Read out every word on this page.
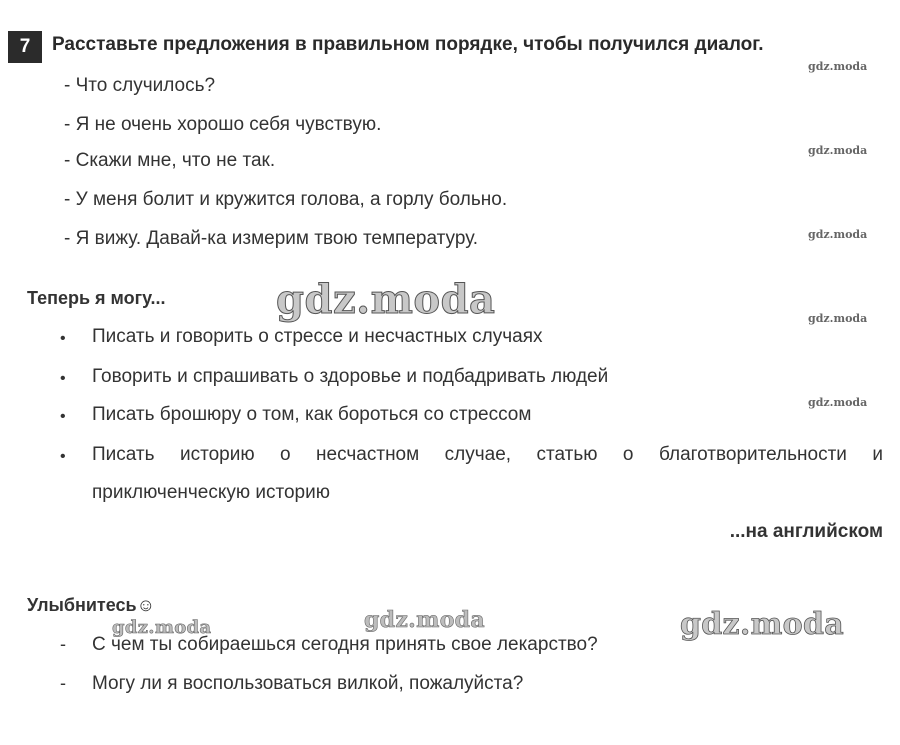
7	Расставьте предложения в правильном порядке, чтобы получился диалог.
- Что случилось?
- Я не очень хорошо себя чувствую.
- Скажи мне, что не так.
- У меня болит и кружится голова, а горлу больно.
- Я вижу. Давай-ка измерим твою температуру.
Теперь я могу...
• Писать и говорить о стрессе и несчастных случаях
• Говорить и спрашивать о здоровье и подбадривать людей
• Писать брошюру о том, как бороться со стрессом
• Писать историю о несчастном случае, статью о благотворительности и
приключенческую историю
...на английском
Улыбнитесь☺
- С чем ты собираешься сегодня принять свое лекарство?
- Могу ли я воспользоваться вилкой, пожалуйста?
gdz.moda
gdz.moda
gdz.moda
gdz.moda
gdz.moda
gdz.moda
gdz.moda
gdz.moda	gdz.moda
